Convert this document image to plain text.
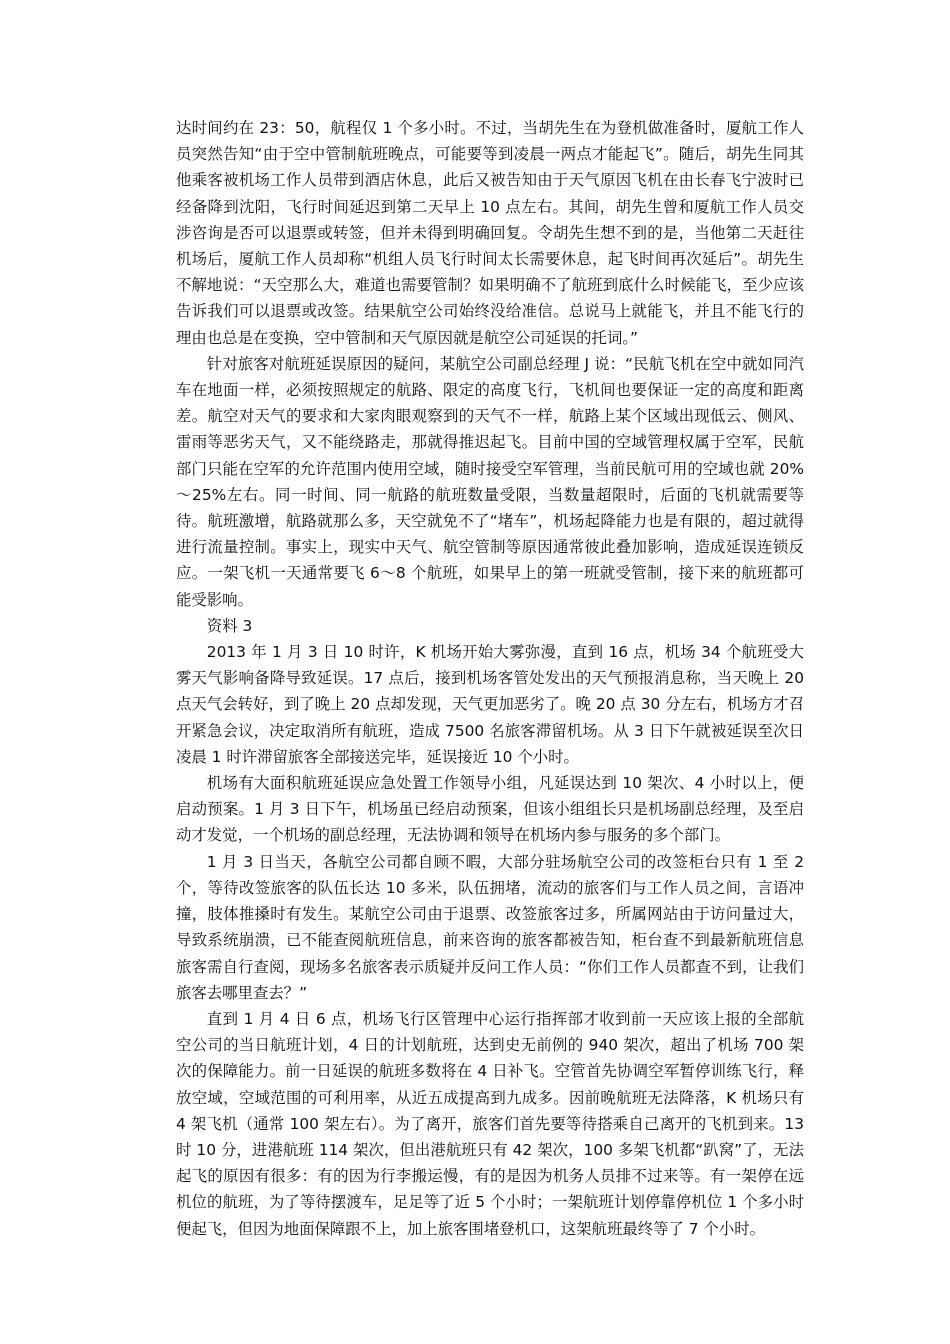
达时间约在 23：50，航程仅 1 个多小时。不过，当胡先生在为登机做准备时，厦航工作人员突然告知“由于空中管制航班晚点，可能要等到凌晨一两点才能起飞”。随后，胡先生同其他乘客被机场工作人员带到酒店休息，此后又被告知由于天气原因飞机在由长春飞宁波时已经备降到沈阳，飞行时间延迟到第二天早上 10 点左右。其间，胡先生曾和厦航工作人员交涉咨询是否可以退票或转签，但并未得到明确回复。令胡先生想不到的是，当他第二天赶往机场后，厦航工作人员却称“机组人员飞行时间太长需要休息，起飞时间再次延后”。胡先生不解地说：“天空那么大，难道也需要管制？如果明确不了航班到底什么时候能飞，至少应该告诉我们可以退票或改签。结果航空公司始终没给准信。总说马上就能飞，并且不能飞行的理由也总是在变换，空中管制和天气原因就是航空公司延误的托词。”

针对旅客对航班延误原因的疑问，某航空公司副总经理 J 说：“民航飞机在空中就如同汽车在地面一样，必须按照规定的航路、限定的高度飞行，飞机间也要保证一定的高度和距离差。航空对天气的要求和大家肉眼观察到的天气不一样，航路上某个区域出现低云、侧风、雷雨等恶劣天气，又不能绕路走，那就得推迟起飞。目前中国的空域管理权属于空军，民航部门只能在空军的允许范围内使用空域，随时接受空军管理，当前民航可用的空域也就 20%～25%左右。同一时间、同一航路的航班数量受限，当数量超限时，后面的飞机就需要等待。航班激增，航路就那么多，天空就免不了“堵车”，机场起降能力也是有限的，超过就得进行流量控制。事实上，现实中天气、航空管制等原因通常彼此叠加影响，造成延误连锁反应。一架飞机一天通常要飞 6～8 个航班，如果早上的第一班就受管制，接下来的航班都可能受影响。

资料 3

2013 年 1 月 3 日 10 时许，K 机场开始大雾弥漫，直到 16 点，机场 34 个航班受大雾天气影响备降导致延误。17 点后，接到机场客管处发出的天气预报消息称，当天晚上 20 点天气会转好，到了晚上 20 点却发现，天气更加恶劣了。晚 20 点 30 分左右，机场方才召开紧急会议，决定取消所有航班，造成 7500 名旅客滞留机场。从 3 日下午就被延误至次日凌晨 1 时许滞留旅客全部接送完毕，延误接近 10 个小时。

机场有大面积航班延误应急处置工作领导小组，凡延误达到 10 架次、4 小时以上，便启动预案。1 月 3 日下午，机场虽已经启动预案，但该小组组长只是机场副总经理，及至启动才发觉，一个机场的副总经理，无法协调和领导在机场内参与服务的多个部门。

1 月 3 日当天，各航空公司都自顾不暇，大部分驻场航空公司的改签柜台只有 1 至 2 个，等待改签旅客的队伍长达 10 多米，队伍拥堵，流动的旅客们与工作人员之间，言语冲撞，肢体推搡时有发生。某航空公司由于退票、改签旅客过多，所属网站由于访问量过大，导致系统崩溃，已不能查阅航班信息，前来咨询的旅客都被告知，柜台查不到最新航班信息旅客需自行查阅，现场多名旅客表示质疑并反问工作人员：“你们工作人员都查不到，让我们旅客去哪里查去？”

直到 1 月 4 日 6 点，机场飞行区管理中心运行指挥部才收到前一天应该上报的全部航空公司的当日航班计划，4 日的计划航班，达到史无前例的 940 架次，超出了机场 700 架次的保障能力。前一日延误的航班多数将在 4 日补飞。空管首先协调空军暂停训练飞行，释放空域，空域范围的可利用率，从近五成提高到九成多。因前晚航班无法降落，K 机场只有 4 架飞机（通常 100 架左右）。为了离开，旅客们首先要等待搭乘自己离开的飞机到来。13 时 10 分，进港航班 114 架次，但出港航班只有 42 架次，100 多架飞机都“趴窝”了，无法起飞的原因有很多：有的因为行李搬运慢，有的是因为机务人员排不过来等。有一架停在远机位的航班，为了等待摆渡车，足足等了近 5 个小时；一架航班计划停靠停机位 1 个多小时便起飞，但因为地面保障跟不上，加上旅客围堵登机口，这架航班最终等了 7 个小时。
